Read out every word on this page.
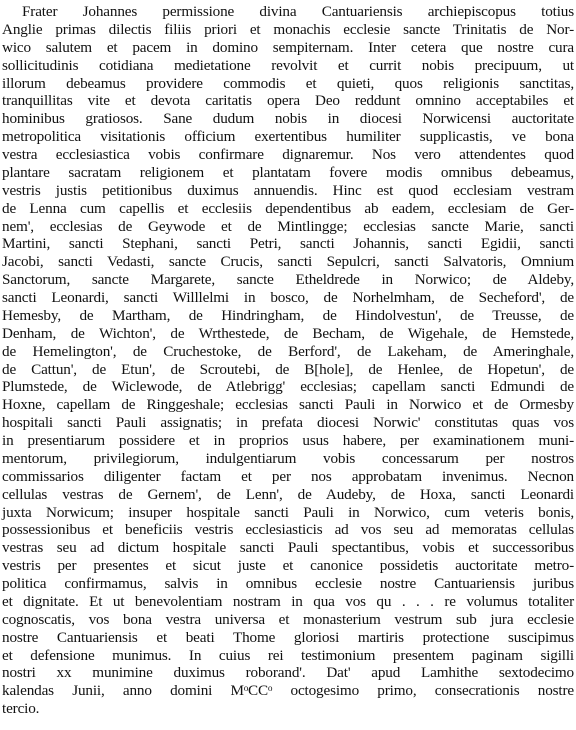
Frater Johannes permissione divina Cantuariensis archiepiscopus totius
Anglie primas dilectis filiis priori et monachis ecclesie sancte Trinitatis de Nor-
wico salutem et pacem in domino sempiternam. Inter cetera que nostre cura
sollicitudinis cotidiana medietatione revolvit et currit nobis precipuum, ut
illorum debeamus providere commodis et quieti, quos religionis sanctitas,
tranquillitas vite et devota caritatis opera Deo reddunt omnino acceptabiles et
hominibus gratiosos. Sane dudum nobis in diocesi Norwicensi auctoritate
metropolitica visitationis officium exertentibus humiliter supplicastis, ve bona
vestra ecclesiastica vobis confirmare dignaremur. Nos vero attendentes quod
plantare sacratam religionem et plantatam fovere modis omnibus debeamus,
vestris justis petitionibus duximus annuendis. Hinc est quod ecclesiam vestram
de Lenna cum capellis et ecclesiis dependentibus ab eadem, ecclesiam de Ger-
nem', ecclesias de Geywode et de Mintlingge; ecclesias sancte Marie, sancti
Martini, sancti Stephani, sancti Petri, sancti Johannis, sancti Egidii, sancti
Jacobi, sancti Vedasti, sancte Crucis, sancti Sepulcri, sancti Salvatoris, Omnium
Sanctorum, sancte Margarete, sancte Etheldrede in Norwico; de Aldeby,
sancti Leonardi, sancti Willlelmi in bosco, de Norhelmham, de Secheford', de
Hemesby, de Martham, de Hindringham, de Hindolvestun', de Treusse, de
Denham, de Wichton', de Wrthestede, de Becham, de Wigehale, de Hemstede,
de Hemelington', de Cruchestoke, de Berford', de Lakeham, de Ameringhale,
de Cattun', de Etun', de Scroutebi, de B[hole], de Henlee, de Hopetun', de
Plumstede, de Wiclewode, de Atlebrigg' ecclesias; capellam sancti Edmundi de
Hoxne, capellam de Ringgeshale; ecclesias sancti Pauli in Norwico et de Ormesby
hospitali sancti Pauli assignatis; in prefata diocesi Norwic' constitutas quas vos
in presentiarum possidere et in proprios usus habere, per examinationem muni-
mentorum, privilegiorum, indulgentiarum vobis concessarum per nostros
commissarios diligenter factam et per nos approbatam invenimus. Necnon
cellulas vestras de Gernem', de Lenn', de Audeby, de Hoxa, sancti Leonardi
juxta Norwicum; insuper hospitale sancti Pauli in Norwico, cum veteris bonis,
possessionibus et beneficiis vestris ecclesiasticis ad vos seu ad memoratas cellulas
vestras seu ad dictum hospitale sancti Pauli spectantibus, vobis et successoribus
vestris per presentes et sicut juste et canonice possidetis auctoritate metro-
politica confirmamus, salvis in omnibus ecclesie nostre Cantuariensis juribus
et dignitate. Et ut benevolentiam nostram in qua vos qu . . . re volumus totaliter
cognoscatis, vos bona vestra universa et monasterium vestrum sub jura ecclesie
nostre Cantuariensis et beati Thome gloriosi martiris protectione suscipimus
et defensione munimus. In cuius rei testimonium presentem paginam sigilli
nostri xx munimine duximus roborand'. Dat' apud Lamhithe sextodecimo
kalendas Junii, anno domini MᵒCCᵒ octogesimo primo, consecrationis nostre
tercio.
